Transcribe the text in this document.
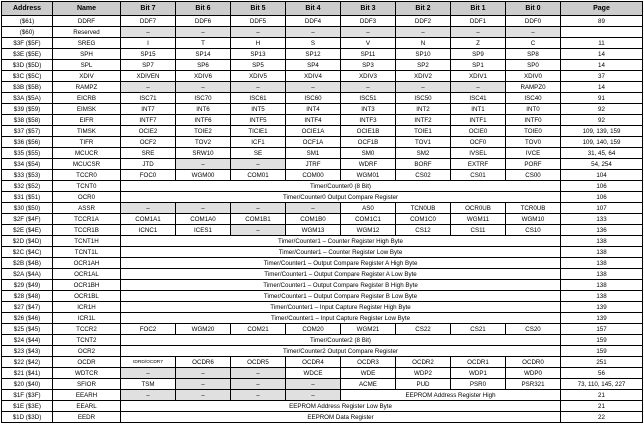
Address	Name	Bit 7	Bit 6	Bit 5	Bit 4	Bit 3	Bit 2	Bit 1	Bit 0	Page
($61)	DDRF	DDF7	DDF6	DDF5	DDF4	DDF3	DDF2	DDF1	DDF0	89
($60)	Reserved	–	–	–	–	–	–	–	–	
$3F ($5F)	SREG	I	T	H	S	V	N	Z	C	11
$3E ($5E)	SPH	SP15	SP14	SP13	SP12	SP11	SP10	SP9	SP8	14
$3D ($5D)	SPL	SP7	SP6	SP5	SP4	SP3	SP2	SP1	SP0	14
$3C ($5C)	XDIV	XDIVEN	XDIV6	XDIV5	XDIV4	XDIV3	XDIV2	XDIV1	XDIV0	37
$3B ($5B)	RAMPZ	–	–	–	–	–	–	–	RAMPZ0	14
$3A ($5A)	EICRB	ISC71	ISC70	ISC61	ISC60	ISC51	ISC50	ISC41	ISC40	91
$39 ($59)	EIMSK	INT7	INT6	INT5	INT4	INT3	INT2	INT1	INT0	92
$38 ($58)	EIFR	INTF7	INTF6	INTF5	INTF4	INTF3	INTF2	INTF1	INTF0	92
$37 ($57)	TIMSK	OCIE2	TOIE2	TICIE1	OCIE1A	OCIE1B	TOIE1	OCIE0	TOIE0	109, 139, 159
$36 ($56)	TIFR	OCF2	TOV2	ICF1	OCF1A	OCF1B	TOV1	OCF0	TOV0	109, 140, 159
$35 ($55)	MCUCR	SRE	SRW10	SE	SM1	SM0	SM2	IVSEL	IVCE	31, 45, 64
$34 ($54)	MCUCSR	JTD	–	–	JTRF	WDRF	BORF	EXTRF	PORF	54, 254
$33 ($53)	TCCR0	FOC0	WGM00	COM01	COM00	WGM01	CS02	CS01	CS00	104
$32 ($52)	TCNT0	Timer/Counter0 (8 Bit)								106
$31 ($51)	OCR0	Timer/Counter0 Output Compare Register								106
$30 ($50)	ASSR	–	–	–	–	AS0	TCN0UB	OCR0UB	TCR0UB	107
$2F ($4F)	TCCR1A	COM1A1	COM1A0	COM1B1	COM1B0	COM1C1	COM1C0	WGM11	WGM10	133
$2E ($4E)	TCCR1B	ICNC1	ICES1	–	WGM13	WGM12	CS12	CS11	CS10	136
$2D ($4D)	TCNT1H	Timer/Counter1 – Counter Register High Byte								138
$2C ($4C)	TCNT1L	Timer/Counter1 – Counter Register Low Byte								138
$2B ($4B)	OCR1AH	Timer/Counter1 – Output Compare Register A High Byte								138
$2A ($4A)	OCR1AL	Timer/Counter1 – Output Compare Register A Low Byte								138
$29 ($49)	OCR1BH	Timer/Counter1 – Output Compare Register B High Byte								138
$28 ($48)	OCR1BL	Timer/Counter1 – Output Compare Register B Low Byte								138
$27 ($47)	ICR1H	Timer/Counter1 – Input Capture Register High Byte								139
$26 ($46)	ICR1L	Timer/Counter1 – Input Capture Register Low Byte								139
$25 ($45)	TCCR2	FOC2	WGM20	COM21	COM20	WGM21	CS22	CS21	CS20	157
$24 ($44)	TCNT2	Timer/Counter2 (8 Bit)								159
$23 ($43)	OCR2	Timer/Counter2 Output Compare Register								159
$22 ($42)	OCDR	IDRD/OCDR7	OCDR6	OCDR5	OCDR4	OCDR3	OCDR2	OCDR1	OCDR0	251
$21 ($41)	WDTCR	–	–	–	WDCE	WDE	WDP2	WDP1	WDP0	56
$20 ($40)	SFIOR	TSM	–	–	–	ACME	PUD	PSR0	PSR321	73, 110, 145, 227
$1F ($3F)	EEARH	–	–	–	–	EEPROM Address Register High				21
$1E ($3E)	EEARL	EEPROM Address Register Low Byte								21
$1D ($3D)	EEDR	EEPROM Data Register								22
